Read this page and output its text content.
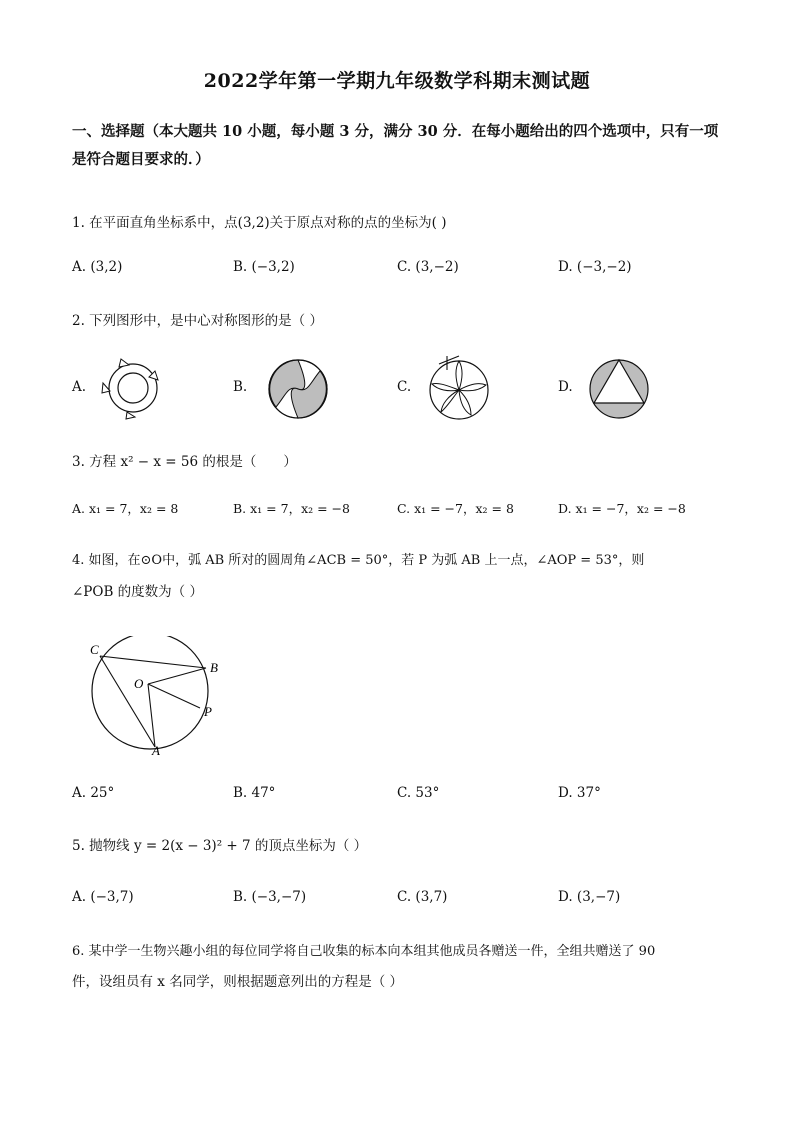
2022学年第一学期九年级数学科期末测试题
一、选择题（本大题共 10 小题，每小题 3 分，满分 30 分．在每小题给出的四个选项中，只有一项是符合题目要求的．）
1. 在平面直角坐标系中，点(3,2)关于原点对称的点的坐标为( )
A. (3,2)	B. (−3,2)	C. (3,−2)	D. (−3,−2)
2. 下列图形中，是中心对称图形的是（ ）
A.	B.	C.	D.
3. 方程 x² − x = 56 的根是（　　）
A. x₁ = 7，x₂ = 8	B. x₁ = 7，x₂ = −8	C. x₁ = −7，x₂ = 8	D. x₁ = −7，x₂ = −8
4. 如图，在⊙O中，弧 AB 所对的圆周角∠ACB = 50°，若 P 为弧 AB 上一点，∠AOP = 53°，则
∠POB 的度数为（ ）
C
B
O
P
A
A. 25°	B. 47°	C. 53°	D. 37°
5. 抛物线 y = 2(x − 3)² + 7 的顶点坐标为（ ）
A. (−3,7)	B. (−3,−7)	C. (3,7)	D. (3,−7)
6. 某中学一生物兴趣小组的每位同学将自己收集的标本向本组其他成员各赠送一件，全组共赠送了 90
件，设组员有 x 名同学，则根据题意列出的方程是（ ）
